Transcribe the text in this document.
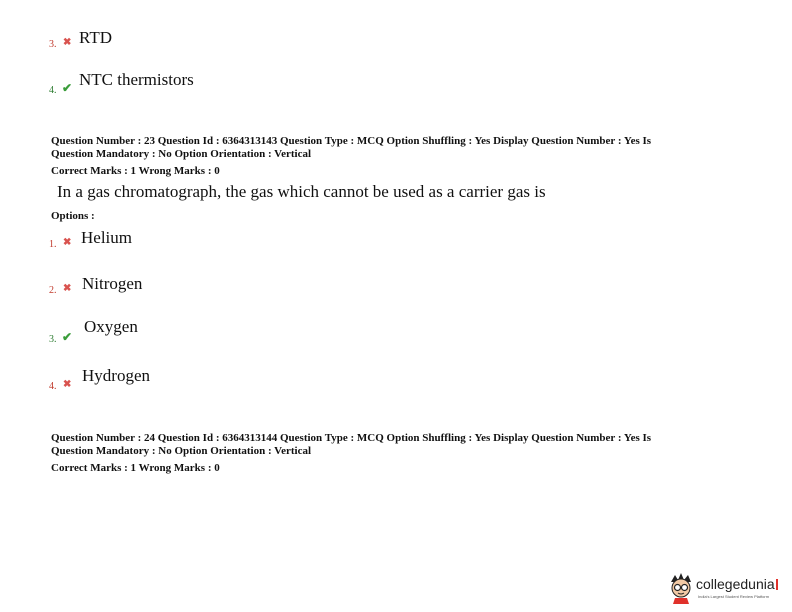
3. ✖ RTD
4. ✔ NTC thermistors
Question Number : 23 Question Id : 6364313143 Question Type : MCQ Option Shuffling : Yes Display Question Number : Yes Is
Question Mandatory : No Option Orientation : Vertical
Correct Marks : 1 Wrong Marks : 0
In a gas chromatograph, the gas which cannot be used as a carrier gas is
Options :
1. ✖ Helium
2. ✖ Nitrogen
3. ✔
Oxygen
4. ✖ Hydrogen
Question Number : 24 Question Id : 6364313144 Question Type : MCQ Option Shuffling : Yes Display Question Number : Yes Is
Question Mandatory : No Option Orientation : Vertical
Correct Marks : 1 Wrong Marks : 0
collegedunia
India's Largest Student Review Platform
